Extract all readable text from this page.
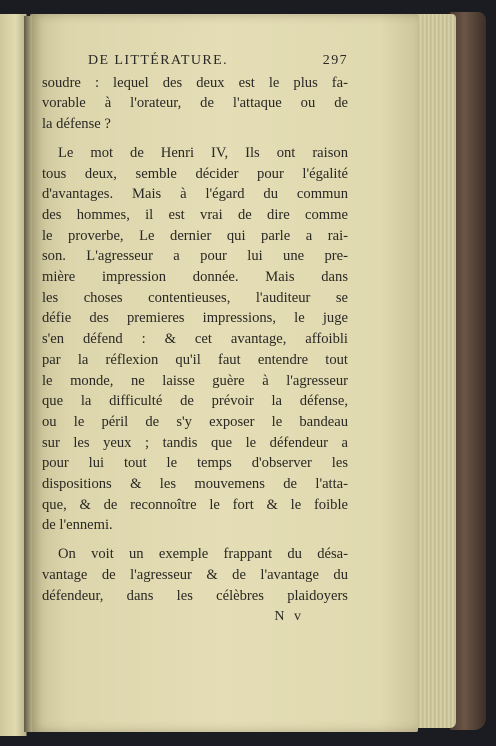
DE LITTÉRATURE.	297
soudre : lequel des deux est le plus fa-
vorable à l'orateur, de l'attaque ou de
la défense ?
Le mot de Henri IV, Ils ont raison
tous deux, semble décider pour l'égalité
d'avantages. Mais à l'égard du commun
des hommes, il est vrai de dire comme
le proverbe, Le dernier qui parle a rai-
son. L'agresseur a pour lui une pre-
mière impression donnée. Mais dans
les choses contentieuses, l'auditeur se
défie des premieres impressions, le juge
s'en défend : & cet avantage, affoibli
par la réflexion qu'il faut entendre tout
le monde, ne laisse guère à l'agresseur
que la difficulté de prévoir la défense,
ou le péril de s'y exposer le bandeau
sur les yeux ; tandis que le défendeur a
pour lui tout le temps d'observer les
dispositions & les mouvemens de l'atta-
que, & de reconnoître le fort & le foible
de l'ennemi.
On voit un exemple frappant du désa-
vantage de l'agresseur & de l'avantage du
défendeur, dans les célèbres plaidoyers
N v
